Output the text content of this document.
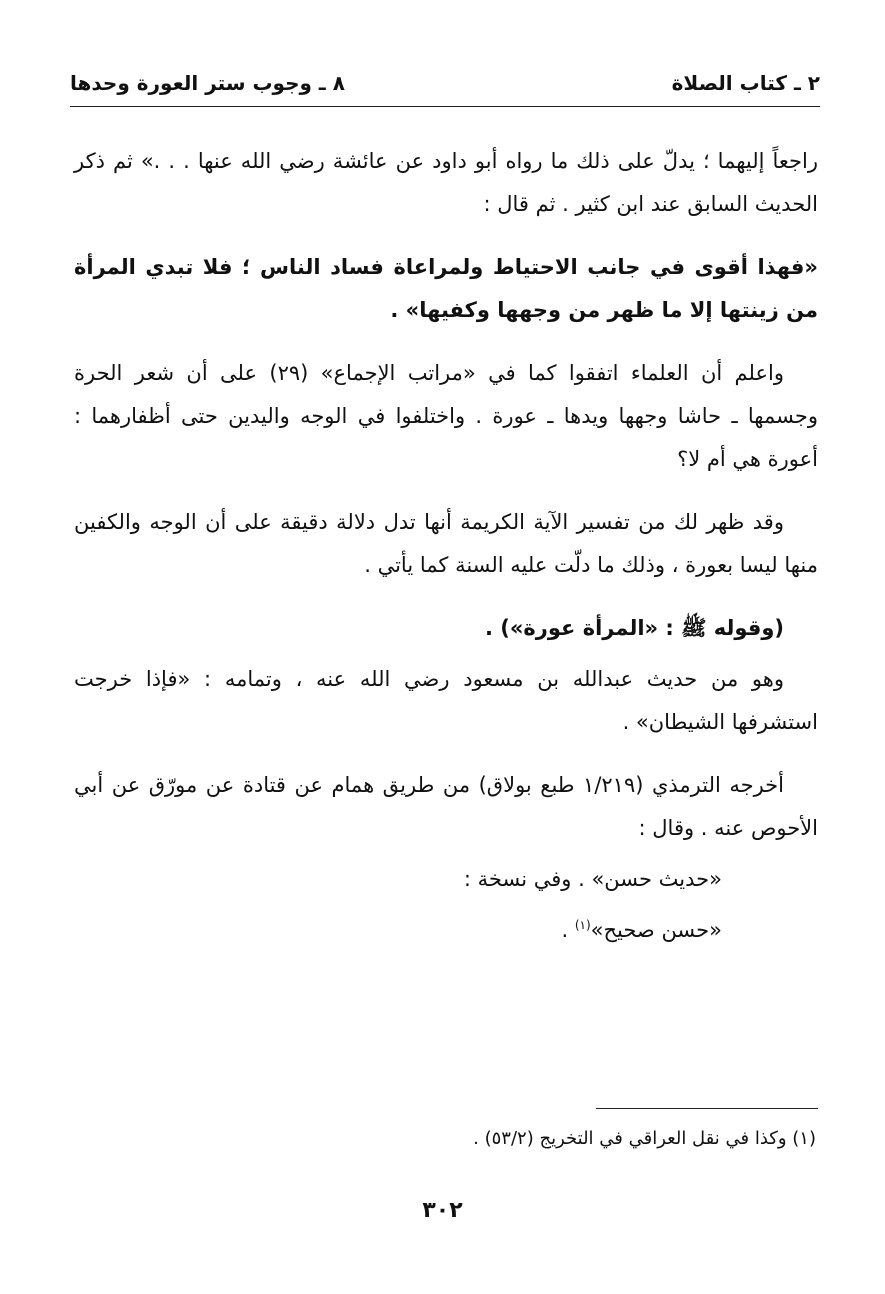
٢ ـ كتاب الصلاة
٨ ـ وجوب ستر العورة وحدها

راجعاً إليهما ؛ يدلّ على ذلك ما رواه أبو داود عن عائشة رضي الله عنها . . .» ثم ذكر الحديث السابق عند ابن كثير . ثم قال :

«فهذا أقوى في جانب الاحتياط ولمراعاة فساد الناس ؛ فلا تبدي المرأة من زينتها إلا ما ظهر من وجهها وكفيها» .

واعلم أن العلماء اتفقوا كما في «مراتب الإجماع» (٢٩) على أن شعر الحرة وجسمها ـ حاشا وجهها ويدها ـ عورة . واختلفوا في الوجه واليدين حتى أظفارهما : أعورة هي أم لا؟

وقد ظهر لك من تفسير الآية الكريمة أنها تدل دلالة دقيقة على أن الوجه والكفين منها ليسا بعورة ، وذلك ما دلّت عليه السنة كما يأتي .

(وقوله ﷺ : «المرأة عورة») .

وهو من حديث عبدالله بن مسعود رضي الله عنه ، وتمامه : «فإذا خرجت استشرفها الشيطان» .

أخرجه الترمذي (١/٢١٩ طبع بولاق) من طريق همام عن قتادة عن مورّق عن أبي الأحوص عنه . وقال :

«حديث حسن» . وفي نسخة :

«حسن صحيح»$^{(١)}$ .

(١) وكذا في نقل العراقي في التخريج (٥٣/٢) .
٣٠٢
